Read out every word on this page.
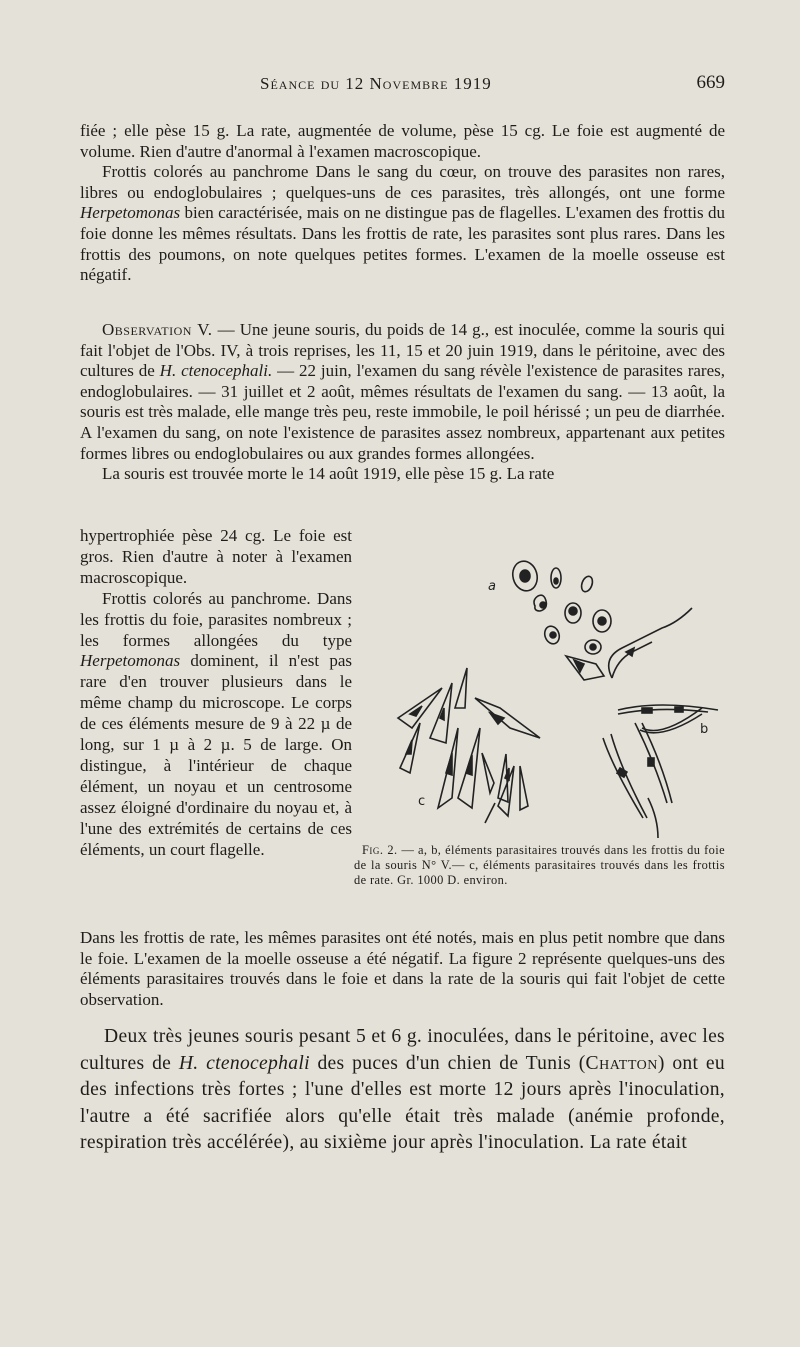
Séance du 12 Novembre 1919	669

fiée ; elle pèse 15 g. La rate, augmentée de volume, pèse 15 cg. Le foie est augmenté de volume. Rien d'autre d'anormal à l'examen macroscopique.

Frottis colorés au panchrome Dans le sang du cœur, on trouve des parasites non rares, libres ou endoglobulaires ; quelques-uns de ces parasites, très allongés, ont une forme Herpetomonas bien caractérisée, mais on ne distingue pas de flagelles. L'examen des frottis du foie donne les mêmes résultats. Dans les frottis de rate, les parasites sont plus rares. Dans les frottis des poumons, on note quelques petites formes. L'examen de la moelle osseuse est négatif.

Observation V. — Une jeune souris, du poids de 14 g., est inoculée, comme la souris qui fait l'objet de l'Obs. IV, à trois reprises, les 11, 15 et 20 juin 1919, dans le péritoine, avec des cultures de H. ctenocephali. — 22 juin, l'examen du sang révèle l'existence de parasites rares, endoglobulaires. — 31 juillet et 2 août, mêmes résultats de l'examen du sang. — 13 août, la souris est très malade, elle mange très peu, reste immobile, le poil hérissé ; un peu de diarrhée. A l'examen du sang, on note l'existence de parasites assez nombreux, appartenant aux petites formes libres ou endoglobulaires ou aux grandes formes allongées.

La souris est trouvée morte le 14 août 1919, elle pèse 15 g. La rate

hypertrophiée pèse 24 cg. Le foie est gros. Rien d'autre à noter à l'examen macroscopique.

Frottis colorés au panchrome. Dans les frottis du foie, parasites nombreux ; les formes allongées du type Herpetomonas dominent, il n'est pas rare d'en trouver plusieurs dans le même champ du microscope. Le corps de ces éléments mesure de 9 à 22 µ de long, sur 1 µ à 2 µ. 5 de large. On distingue, à l'intérieur de chaque élément, un noyau et un centrosome assez éloigné d'ordinaire du noyau et, à l'une des extrémités de certains de ces éléments, un court flagelle.

a
b
c

Fig. 2. — a, b, éléments parasitaires trouvés dans les frottis du foie de la souris N° V.— c, éléments parasitaires trouvés dans les frottis de rate. Gr. 1000 D. environ.

Dans les frottis de rate, les mêmes parasites ont été notés, mais en plus petit nombre que dans le foie. L'examen de la moelle osseuse a été négatif. La figure 2 représente quelques-uns des éléments parasitaires trouvés dans le foie et dans la rate de la souris qui fait l'objet de cette observation.

Deux très jeunes souris pesant 5 et 6 g. inoculées, dans le péritoine, avec les cultures de H. ctenocephali des puces d'un chien de Tunis (Chatton) ont eu des infections très fortes ; l'une d'elles est morte 12 jours après l'inoculation, l'autre a été sacrifiée alors qu'elle était très malade (anémie profonde, respiration très accélérée), au sixième jour après l'inoculation. La rate était
